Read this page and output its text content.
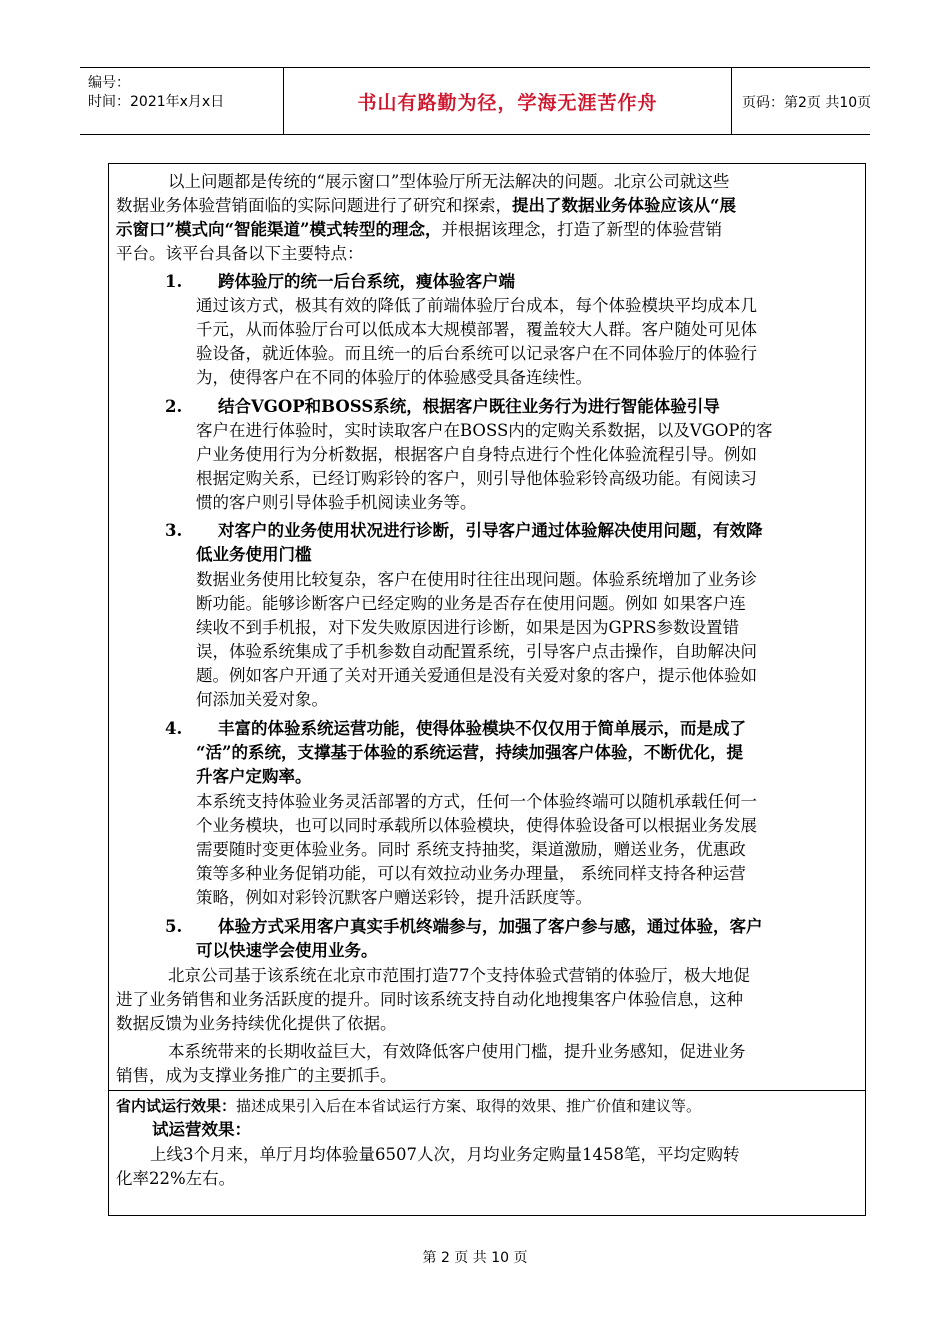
编号：
时间：2021年x月x日	书山有路勤为径，学海无涯苦作舟	页码：第2页 共10页
以上问题都是传统的“展示窗口”型体验厅所无法解决的问题。北京公司就这些
数据业务体验营销面临的实际问题进行了研究和探索，提出了数据业务体验应该从“展
示窗口”模式向“智能渠道”模式转型的理念，并根据该理念，打造了新型的体验营销
平台。该平台具备以下主要特点：
1. 跨体验厅的统一后台系统，瘦体验客户端
通过该方式，极其有效的降低了前端体验厅台成本，每个体验模块平均成本几
千元，从而体验厅台可以低成本大规模部署，覆盖较大人群。客户随处可见体
验设备，就近体验。而且统一的后台系统可以记录客户在不同体验厅的体验行
为，使得客户在不同的体验厅的体验感受具备连续性。
2. 结合VGOP和BOSS系统，根据客户既往业务行为进行智能体验引导
客户在进行体验时，实时读取客户在BOSS内的定购关系数据，以及VGOP的客
户业务使用行为分析数据，根据客户自身特点进行个性化体验流程引导。例如
根据定购关系，已经订购彩铃的客户，则引导他体验彩铃高级功能。有阅读习
惯的客户则引导体验手机阅读业务等。
3. 对客户的业务使用状况进行诊断，引导客户通过体验解决使用问题，有效降
低业务使用门槛
数据业务使用比较复杂，客户在使用时往往出现问题。体验系统增加了业务诊
断功能。能够诊断客户已经定购的业务是否存在使用问题。例如 如果客户连
续收不到手机报，对下发失败原因进行诊断，如果是因为GPRS参数设置错
误，体验系统集成了手机参数自动配置系统，引导客户点击操作，自助解决问
题。例如客户开通了关对开通关爱通但是没有关爱对象的客户，提示他体验如
何添加关爱对象。
4. 丰富的体验系统运营功能，使得体验模块不仅仅用于简单展示，而是成了
“活”的系统，支撑基于体验的系统运营，持续加强客户体验，不断优化，提
升客户定购率。
本系统支持体验业务灵活部署的方式，任何一个体验终端可以随机承载任何一
个业务模块，也可以同时承载所以体验模块，使得体验设备可以根据业务发展
需要随时变更体验业务。同时 系统支持抽奖，渠道激励，赠送业务，优惠政
策等多种业务促销功能，可以有效拉动业务办理量， 系统同样支持各种运营
策略，例如对彩铃沉默客户赠送彩铃，提升活跃度等。
5. 体验方式采用客户真实手机终端参与，加强了客户参与感，通过体验，客户
可以快速学会使用业务。
北京公司基于该系统在北京市范围打造77个支持体验式营销的体验厅，极大地促
进了业务销售和业务活跃度的提升。同时该系统支持自动化地搜集客户体验信息，这种
数据反馈为业务持续优化提供了依据。
本系统带来的长期收益巨大，有效降低客户使用门槛，提升业务感知，促进业务
销售，成为支撑业务推广的主要抓手。
省内试运行效果：描述成果引入后在本省试运行方案、取得的效果、推广价值和建议等。
试运营效果：
上线3个月来，单厅月均体验量6507人次，月均业务定购量1458笔，平均定购转
化率22%左右。
第 2 页 共 10 页
